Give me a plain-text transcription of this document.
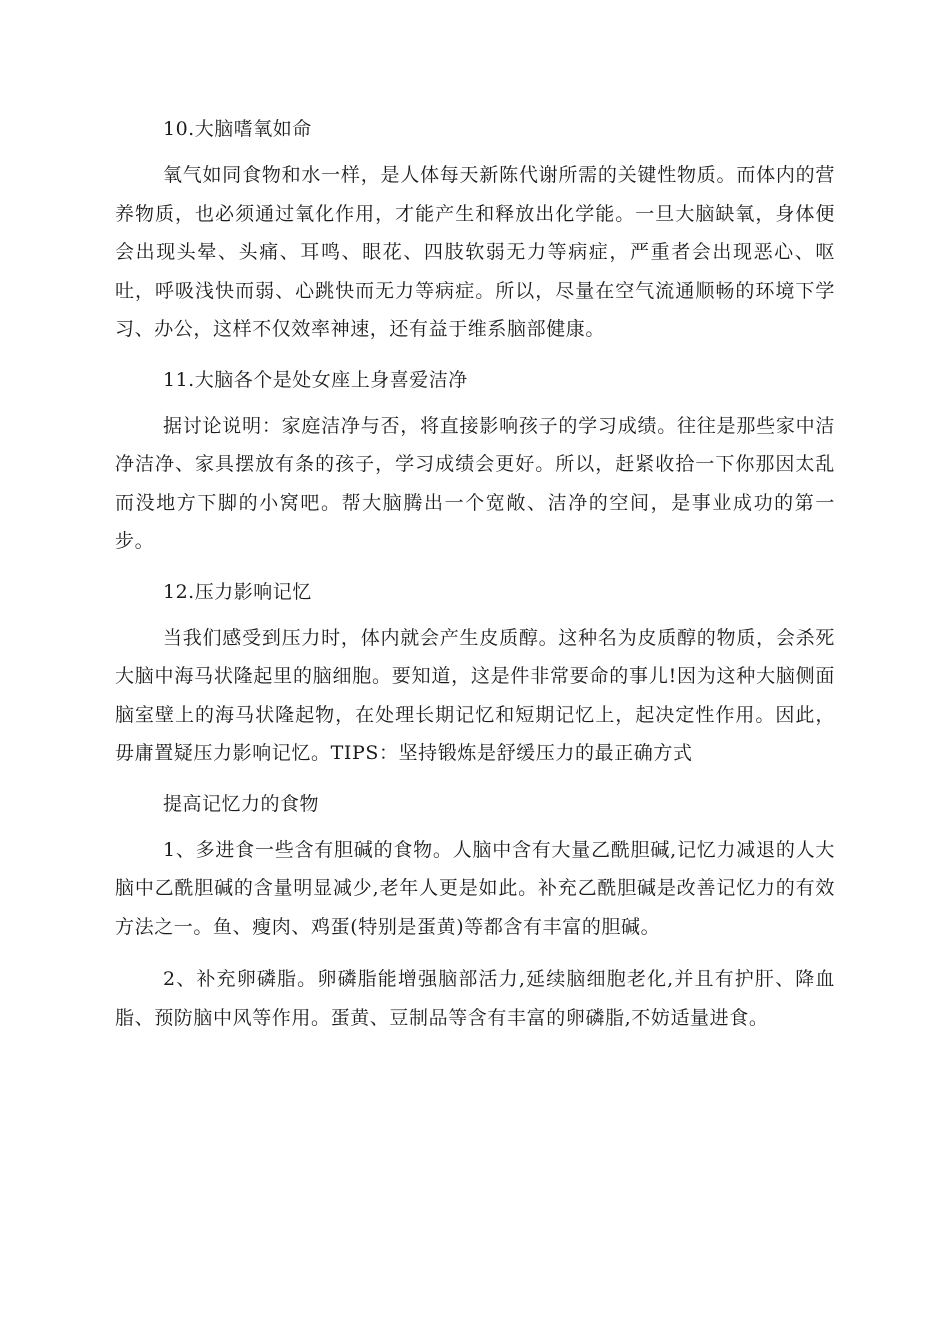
10.大脑嗜氧如命

氧气如同食物和水一样，是人体每天新陈代谢所需的关键性物质。而体内的营养物质，也必须通过氧化作用，才能产生和释放出化学能。一旦大脑缺氧，身体便会出现头晕、头痛、耳鸣、眼花、四肢软弱无力等病症，严重者会出现恶心、呕吐，呼吸浅快而弱、心跳快而无力等病症。所以，尽量在空气流通顺畅的环境下学习、办公，这样不仅效率神速，还有益于维系脑部健康。

11.大脑各个是处女座上身喜爱洁净

据讨论说明：家庭洁净与否，将直接影响孩子的学习成绩。往往是那些家中洁净洁净、家具摆放有条的孩子，学习成绩会更好。所以，赶紧收拾一下你那因太乱而没地方下脚的小窝吧。帮大脑腾出一个宽敞、洁净的空间，是事业成功的第一步。

12.压力影响记忆

当我们感受到压力时，体内就会产生皮质醇。这种名为皮质醇的物质，会杀死大脑中海马状隆起里的脑细胞。要知道，这是件非常要命的事儿!因为这种大脑侧面脑室壁上的海马状隆起物，在处理长期记忆和短期记忆上，起决定性作用。因此，毋庸置疑压力影响记忆。TIPS：坚持锻炼是舒缓压力的最正确方式

提高记忆力的食物

1、多进食一些含有胆碱的食物。人脑中含有大量乙酰胆碱,记忆力减退的人大脑中乙酰胆碱的含量明显减少,老年人更是如此。补充乙酰胆碱是改善记忆力的有效方法之一。鱼、瘦肉、鸡蛋(特别是蛋黄)等都含有丰富的胆碱。

2、补充卵磷脂。卵磷脂能增强脑部活力,延续脑细胞老化,并且有护肝、降血脂、预防脑中风等作用。蛋黄、豆制品等含有丰富的卵磷脂,不妨适量进食。
